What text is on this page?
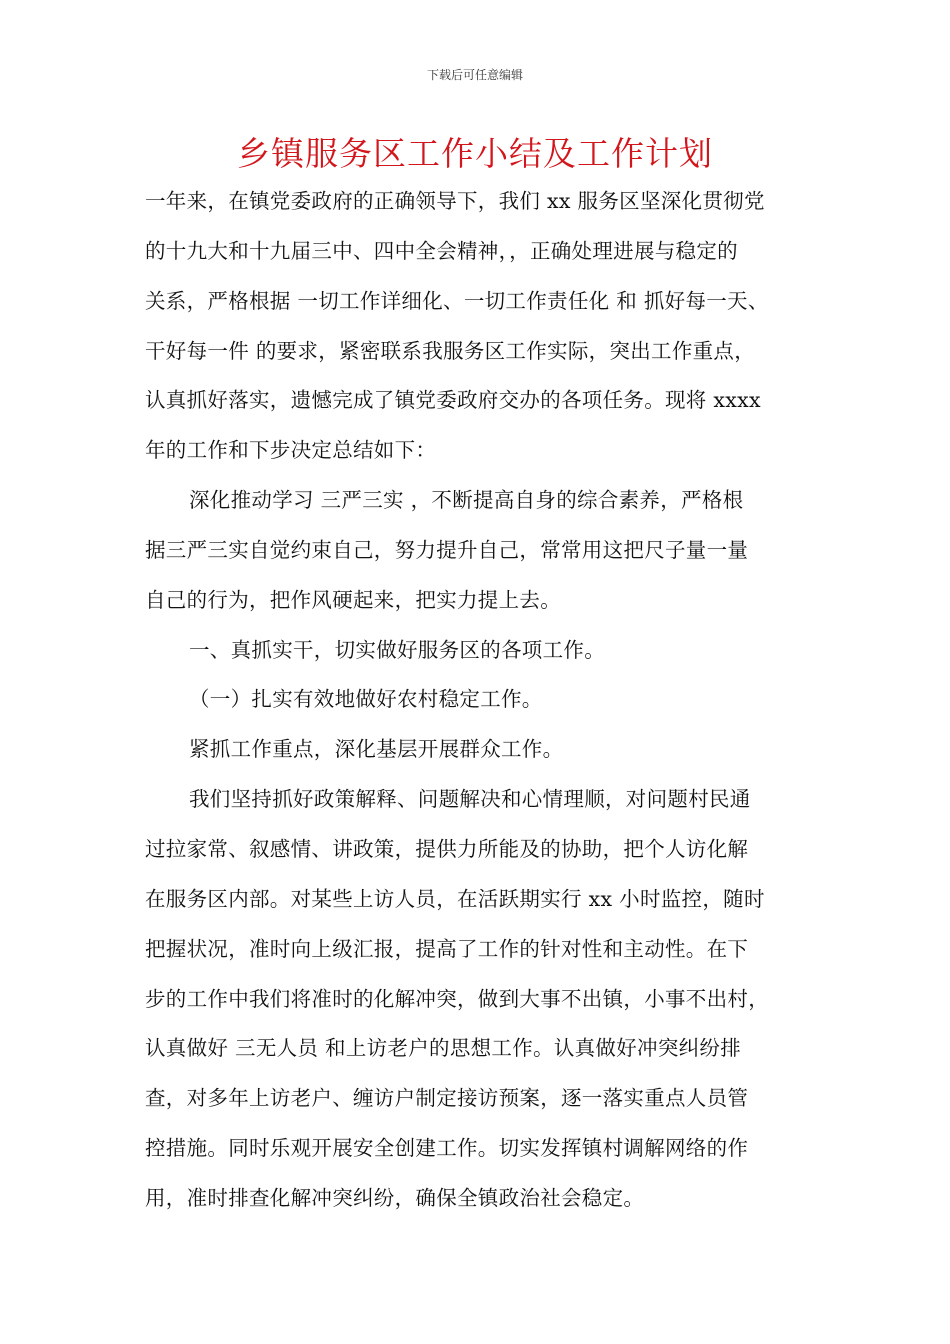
下载后可任意编辑
乡镇服务区工作小结及工作计划
一年来，在镇党委政府的正确领导下，我们 xx 服务区坚深化贯彻党
的十九大和十九届三中、四中全会精神，，正确处理进展与稳定的
关系，严格根据 一切工作详细化、一切工作责任化 和 抓好每一天、
干好每一件 的要求，紧密联系我服务区工作实际，突出工作重点，
认真抓好落实，遗憾完成了镇党委政府交办的各项任务。现将 xxxx
年的工作和下步决定总结如下：
深化推动学习 三严三实 ，不断提高自身的综合素养，严格根
据三严三实自觉约束自己，努力提升自己，常常用这把尺子量一量
自己的行为，把作风硬起来，把实力提上去。
一、真抓实干，切实做好服务区的各项工作。
（一）扎实有效地做好农村稳定工作。
紧抓工作重点，深化基层开展群众工作。
我们坚持抓好政策解释、问题解决和心情理顺，对问题村民通
过拉家常、叙感情、讲政策，提供力所能及的协助，把个人访化解
在服务区内部。对某些上访人员，在活跃期实行 xx 小时监控，随时
把握状况，准时向上级汇报，提高了工作的针对性和主动性。在下
步的工作中我们将准时的化解冲突，做到大事不出镇，小事不出村，
认真做好 三无人员 和上访老户的思想工作。认真做好冲突纠纷排
查，对多年上访老户、缠访户制定接访预案，逐一落实重点人员管
控措施。同时乐观开展安全创建工作。切实发挥镇村调解网络的作
用，准时排查化解冲突纠纷，确保全镇政治社会稳定。
